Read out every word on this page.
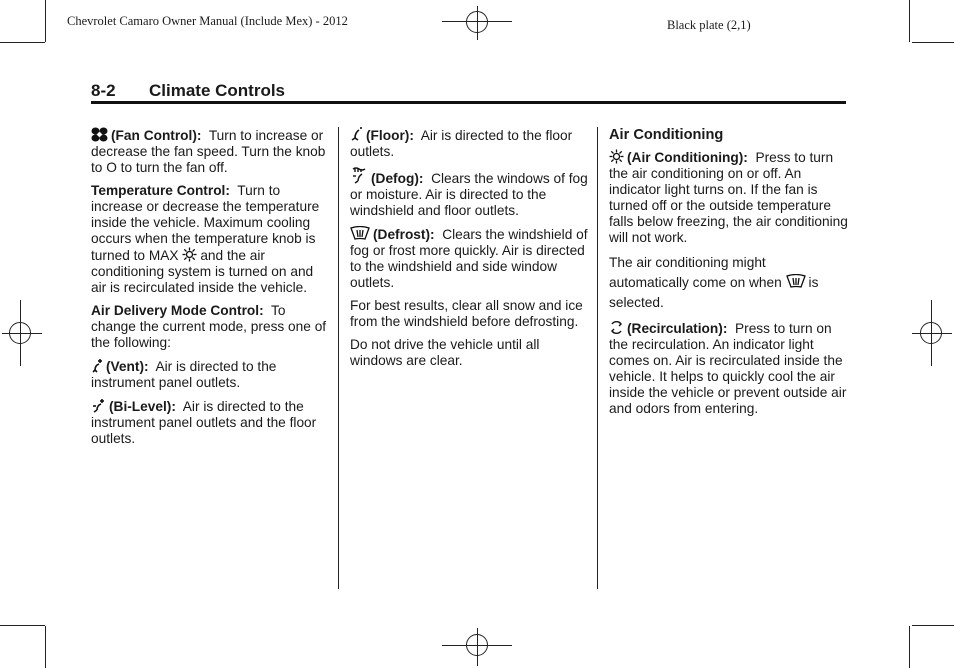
Chevrolet Camaro Owner Manual (Include Mex) - 2012	Black plate (2,1)
8-2 Climate Controls

(Fan Control): Turn to increase or decrease the fan speed. Turn the knob to O to turn the fan off.

Temperature Control: Turn to increase or decrease the temperature inside the vehicle. Maximum cooling occurs when the temperature knob is turned to MAX and the air conditioning system is turned on and air is recirculated inside the vehicle.

Air Delivery Mode Control: To change the current mode, press one of the following:

(Vent): Air is directed to the instrument panel outlets.

(Bi-Level): Air is directed to the instrument panel outlets and the floor outlets.

(Floor): Air is directed to the floor outlets.

(Defog): Clears the windows of fog or moisture. Air is directed to the windshield and floor outlets.

(Defrost): Clears the windshield of fog or frost more quickly. Air is directed to the windshield and side window outlets.

For best results, clear all snow and ice from the windshield before defrosting.

Do not drive the vehicle until all windows are clear.

Air Conditioning

(Air Conditioning): Press to turn the air conditioning on or off. An indicator light turns on. If the fan is turned off or the outside temperature falls below freezing, the air conditioning will not work.

The air conditioning might automatically come on when is selected.

(Recirculation): Press to turn on the recirculation. An indicator light comes on. Air is recirculated inside the vehicle. It helps to quickly cool the air inside the vehicle or prevent outside air and odors from entering.
